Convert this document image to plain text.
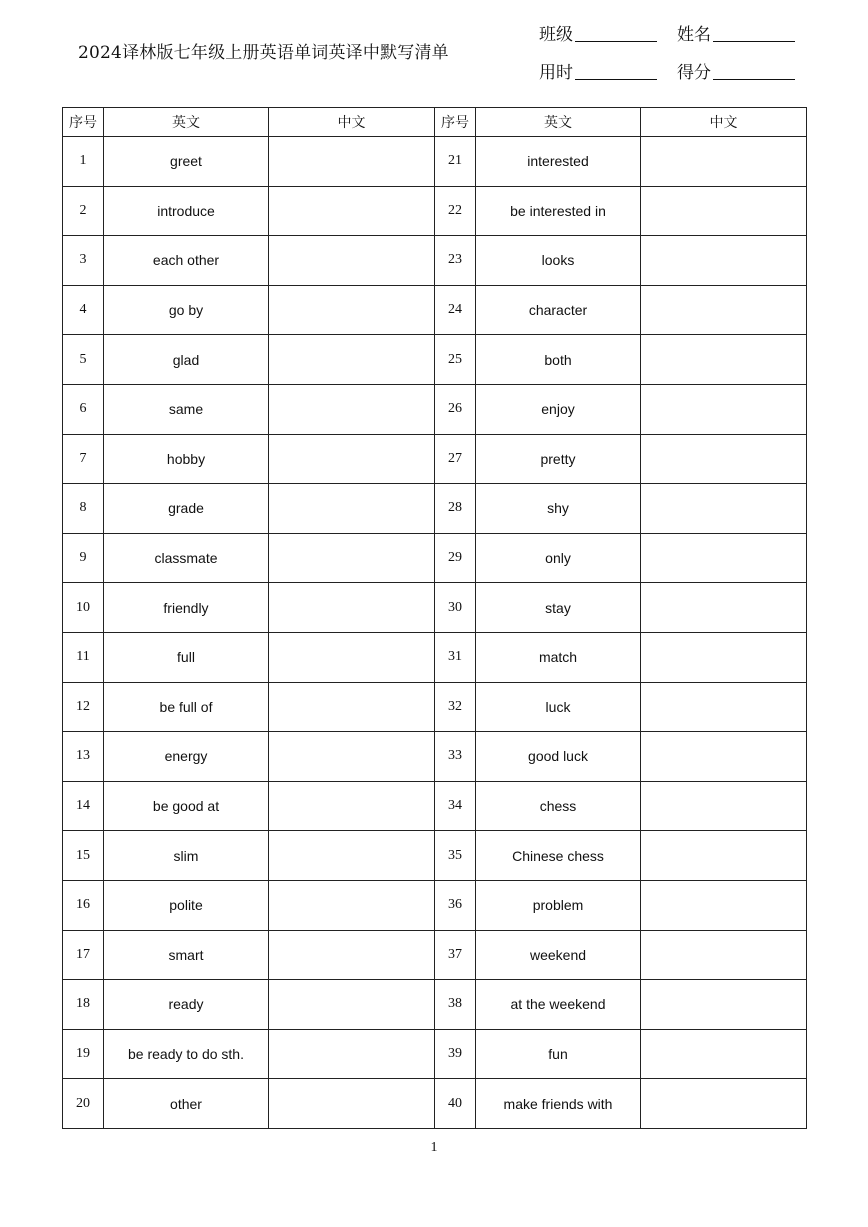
2024译林版七年级上册英语单词英译中默写清单
班级	姓名
用时	得分
序号	英文	中文	序号	英文	中文
1	greet		21	interested	
2	introduce		22	be interested in	
3	each other		23	looks	
4	go by		24	character	
5	glad		25	both	
6	same		26	enjoy	
7	hobby		27	pretty	
8	grade		28	shy	
9	classmate		29	only	
10	friendly		30	stay	
11	full		31	match	
12	be full of		32	luck	
13	energy		33	good luck	
14	be good at		34	chess	
15	slim		35	Chinese chess	
16	polite		36	problem	
17	smart		37	weekend	
18	ready		38	at the weekend	
19	be ready to do sth.		39	fun	
20	other		40	make friends with	
1
